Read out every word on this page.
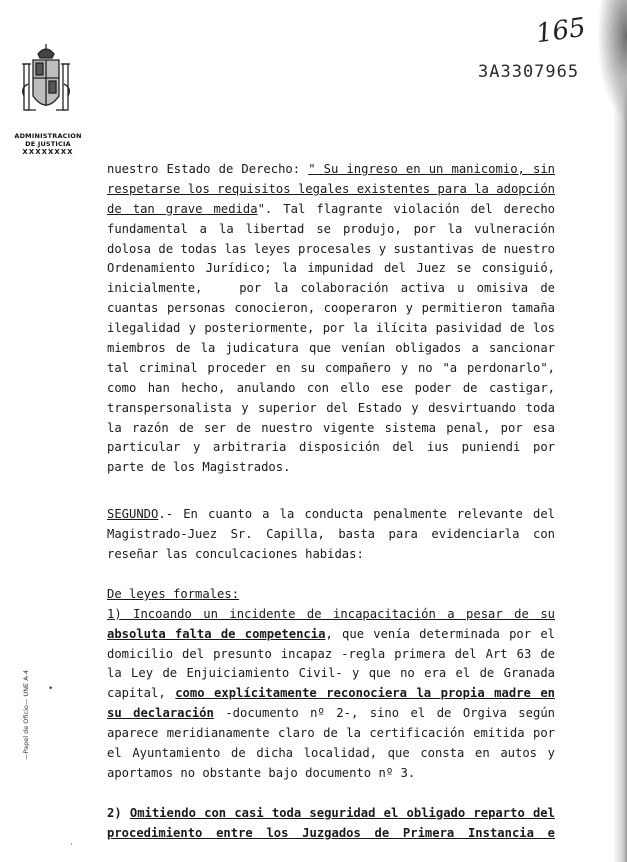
ADMINISTRACION
DE JUSTICIA
XXXXXXXX
165
3A3307965
—Papel de Oficio— UNE A-4 •
·
nuestro Estado de Derecho: " Su ingreso en un manicomio, sin
respetarse los requisitos legales existentes para la adopción
de tan grave medida". Tal flagrante violación del derecho
fundamental a la libertad se produjo, por la vulneración
dolosa de todas las leyes procesales y sustantivas de nuestro
Ordenamiento Jurídico; la impunidad del Juez se consiguió,
inicialmente,   por la colaboración activa u omisiva de
cuantas personas conocieron, cooperaron y permitieron tamaña
ilegalidad y posteriormente, por la ilícita pasividad de los
miembros de la judicatura que venían obligados a sancionar
tal criminal proceder en su compañero y no "a perdonarlo",
como han hecho, anulando con ello ese poder de castigar,
transpersonalista y superior del Estado y desvirtuando toda
la razón de ser de nuestro vigente sistema penal, por esa
particular y arbitraria disposición del ius puniendi por
parte de los Magistrados.
SEGUNDO.- En cuanto a la conducta penalmente relevante del
Magistrado-Juez Sr. Capilla, basta para evidenciarla con
reseñar las conculcaciones habidas:
De leyes formales:
1) Incoando un incidente de incapacitación a pesar de su
absoluta falta de competencia, que venía determinada por el
domicilio del presunto incapaz -regla primera del Art 63 de
la Ley de Enjuiciamiento Civil- y que no era el de Granada
capital, como explícitamente reconociera la propia madre en
su declaración -documento nº 2-, sino el de Orgiva según
aparece meridianamente claro de la certificación emitida por
el Ayuntamiento de dicha localidad, que consta en autos y
aportamos no obstante bajo documento nº 3.
2) Omitiendo con casi toda seguridad el obligado reparto del
procedimiento entre los Juzgados de Primera Instancia e
